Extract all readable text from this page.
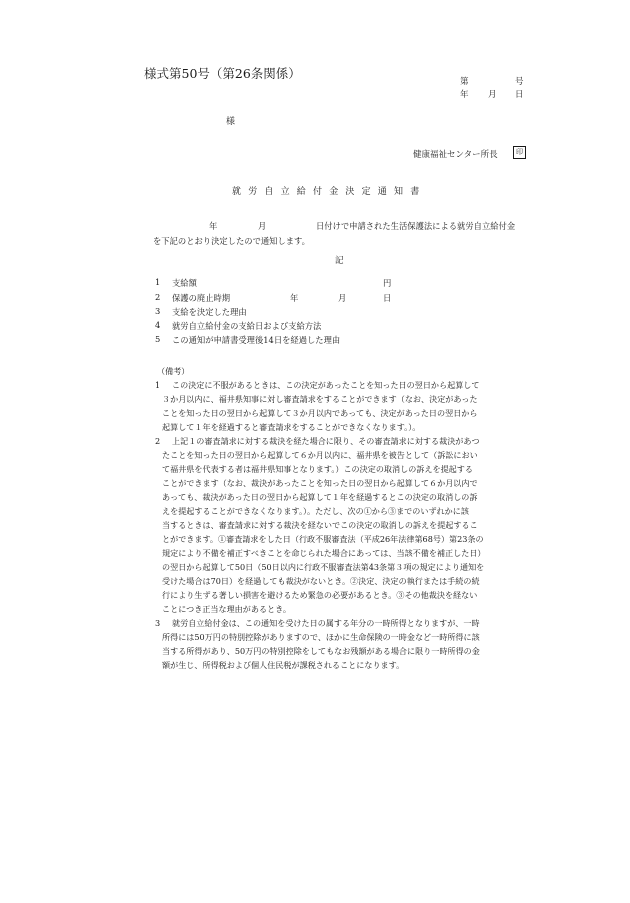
様式第50号（第26条関係）
第	号
年 月 日
様
健康福祉センター所長	印
就労自立給付金決定通知書
年	月	日付けで申請された生活保護法による就労自立給付金
を下記のとおり決定したので通知します。
記
1 支給額	円
2 保護の廃止時期	年	月	日
3 支給を決定した理由
4 就労自立給付金の支給日および支給方法
5 この通知が申請書受理後14日を経過した理由
（備考）
1 この決定に不服があるときは、この決定があったことを知った日の翌日から起算して
３か月以内に、福井県知事に対し審査請求をすることができます（なお、決定があった
ことを知った日の翌日から起算して３か月以内であっても、決定があった日の翌日から
起算して１年を経過すると審査請求をすることができなくなります。）。
2 上記１の審査請求に対する裁決を経た場合に限り、その審査請求に対する裁決があつ
たことを知った日の翌日から起算して６か月以内に、福井県を被告として（訴訟におい
て福井県を代表する者は福井県知事となります。）この決定の取消しの訴えを提起する
ことができます（なお、裁決があったことを知った日の翌日から起算して６か月以内で
あっても、裁決があった日の翌日から起算して１年を経過するとこの決定の取消しの訴
えを提起することができなくなります。）。ただし、次の①から③までのいずれかに該
当するときは、審査請求に対する裁決を経ないでこの決定の取消しの訴えを提起するこ
とができます。①審査請求をした日（行政不服審査法（平成26年法律第68号）第23条の
規定により不備を補正すべきことを命じられた場合にあっては、当該不備を補正した日）
の翌日から起算して50日（50日以内に行政不服審査法第43条第３項の規定により通知を
受けた場合は70日）を経過しても裁決がないとき。②決定、決定の執行または手続の続
行により生ずる著しい損害を避けるため緊急の必要があるとき。③その他裁決を経ない
ことにつき正当な理由があるとき。
3 就労自立給付金は、この通知を受けた日の属する年分の一時所得となりますが、一時
所得には50万円の特別控除がありますので、ほかに生命保険の一時金など一時所得に該
当する所得があり、50万円の特別控除をしてもなお残額がある場合に限り一時所得の金
額が生じ、所得税および個人住民税が課税されることになります。
